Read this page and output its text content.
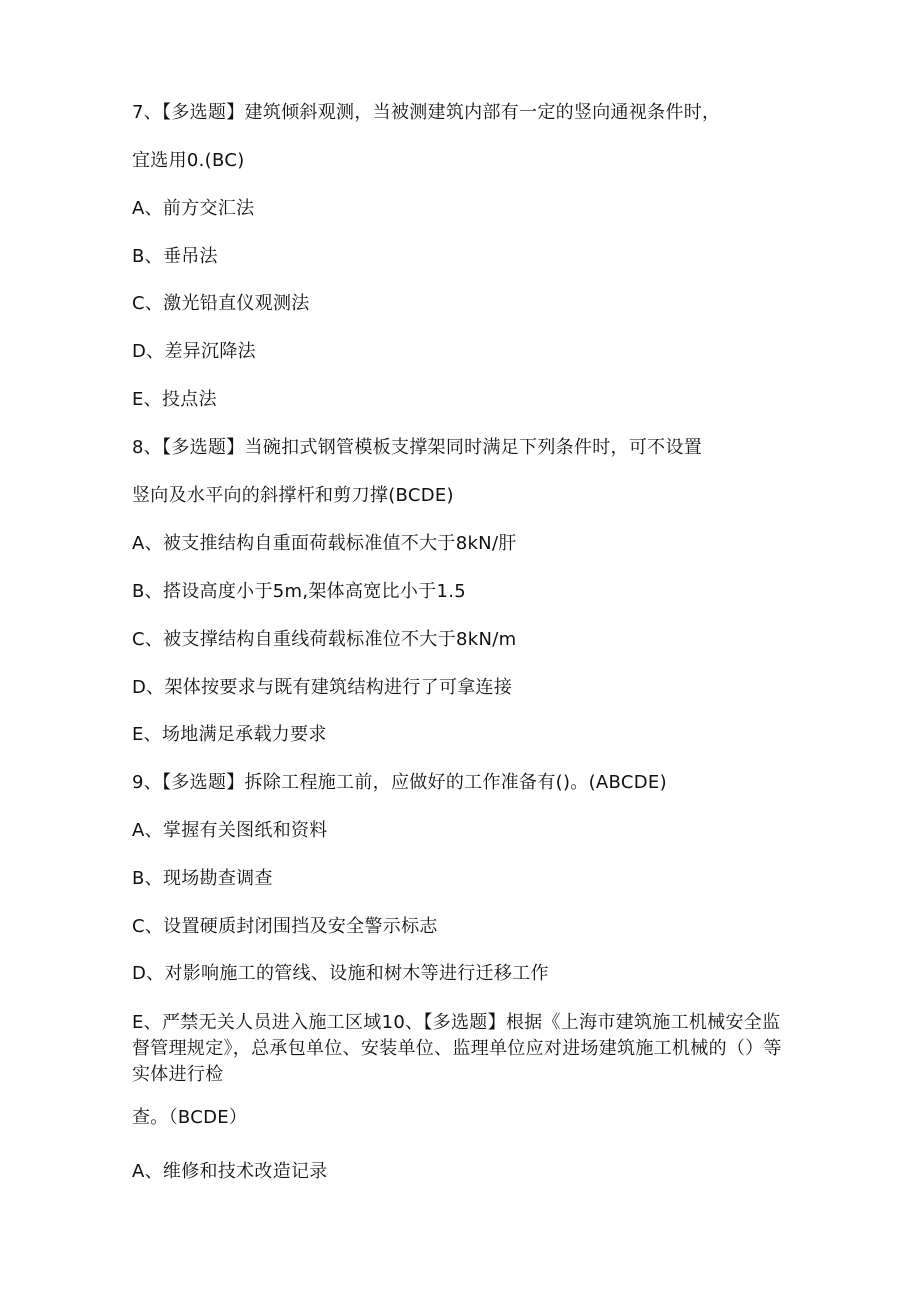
7、【多选题】建筑倾斜观测，当被测建筑内部有一定的竖向通视条件时，
宜选用0.(BC)
A、前方交汇法
B、垂吊法
C、激光铅直仪观测法
D、差异沉降法
E、投点法
8、【多选题】当碗扣式钢管模板支撑架同时满足下列条件时，可不设置
竖向及水平向的斜撑杆和剪刀撑(BCDE)
A、被支推结构自重面荷载标准值不大于8kN/肝
B、搭设高度小于5m,架体高宽比小于1.5
C、被支撑结构自重线荷载标准位不大于8kN/m
D、架体按要求与既有建筑结构进行了可拿连接
E、场地满足承载力要求
9、【多选题】拆除工程施工前，应做好的工作准备有()。(ABCDE)
A、掌握有关图纸和资料
B、现场勘查调查
C、设置硬质封闭围挡及安全警示标志
D、对影响施工的管线、设施和树木等进行迁移工作
E、严禁无关人员进入施工区域10、【多选题】根据《上海市建筑施工机械安全监督管理规定》，总承包单位、安装单位、监理单位应对进场建筑施工机械的（）等实体进行检
查。（BCDE）
A、维修和技术改造记录
